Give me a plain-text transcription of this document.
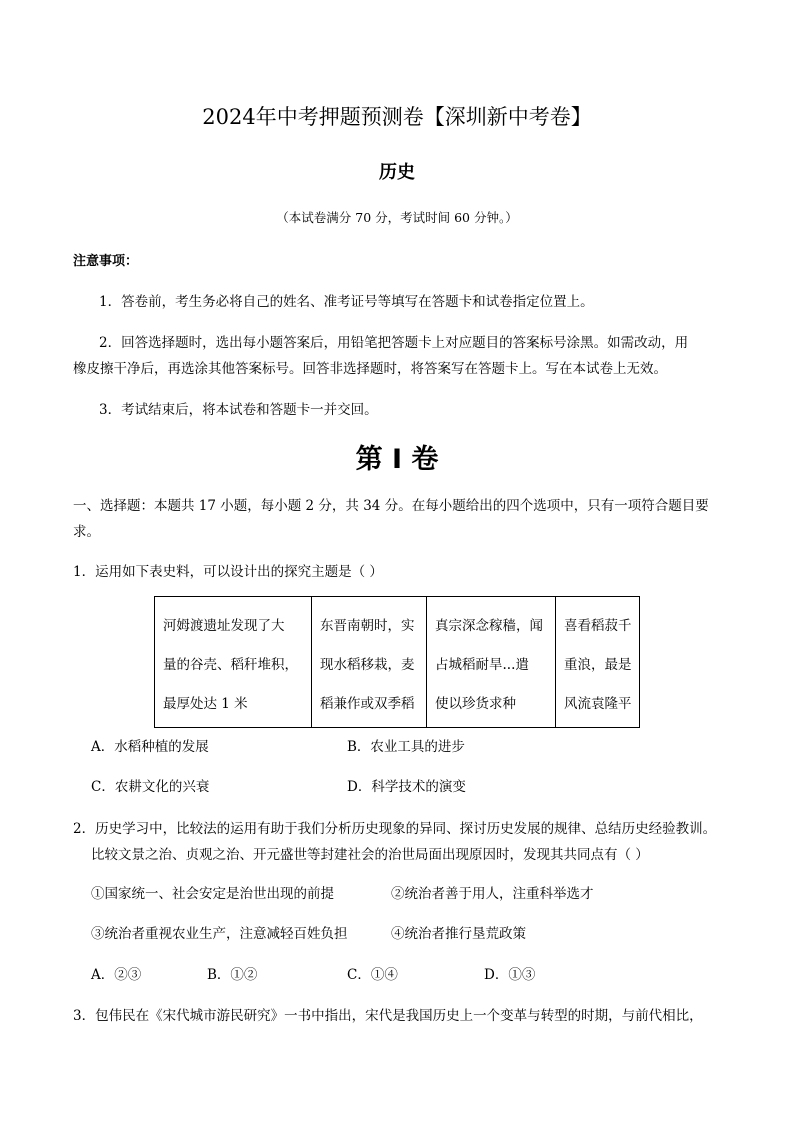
2024年中考押题预测卷【深圳新中考卷】
历史
（本试卷满分 70 分，考试时间 60 分钟。）
注意事项：
1．答卷前，考生务必将自己的姓名、准考证号等填写在答题卡和试卷指定位置上。
2．回答选择题时，选出每小题答案后，用铅笔把答题卡上对应题目的答案标号涂黑。如需改动，用
橡皮擦干净后，再选涂其他答案标号。回答非选择题时，将答案写在答题卡上。写在本试卷上无效。
3．考试结束后，将本试卷和答题卡一并交回。
第 I 卷
一、选择题：本题共 17 小题，每小题 2 分，共 34 分。在每小题给出的四个选项中，只有一项符合题目要
求。
1．运用如下表史料，可以设计出的探究主题是（ ）
河姆渡遗址发现了大
量的谷壳、稻秆堆积，
最厚处达 1 米

东晋南朝时，实
现水稻移栽，麦
稻兼作或双季稻

真宗深念稼穑，闻
占城稻耐旱...遣
使以珍货求种

喜看稻菽千
重浪，最是
风流袁隆平
A．水稻种植的发展	B．农业工具的进步
C．农耕文化的兴衰	D．科学技术的演变
2．历史学习中，比较法的运用有助于我们分析历史现象的异同、探讨历史发展的规律、总结历史经验教训。
比较文景之治、贞观之治、开元盛世等封建社会的治世局面出现原因时，发现其共同点有（ ）
①国家统一、社会安定是治世出现的前提	②统治者善于用人，注重科举选才
③统治者重视农业生产，注意减轻百姓负担	④统治者推行垦荒政策
A．②③	B．①②	C．①④	D．①③
3．包伟民在《宋代城市游民研究》一书中指出，宋代是我国历史上一个变革与转型的时期，与前代相比，
